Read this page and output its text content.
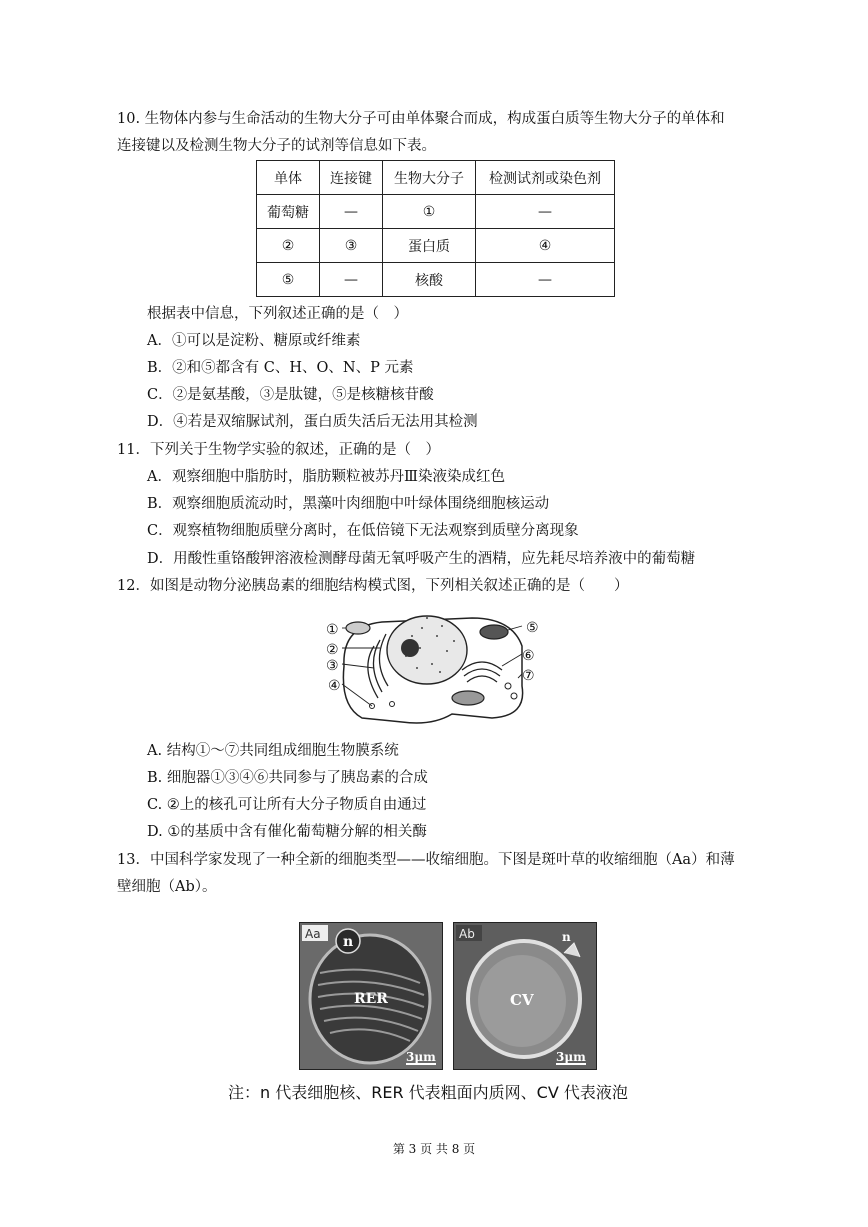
10. 生物体内参与生命活动的生物大分子可由单体聚合而成，构成蛋白质等生物大分子的单体和
连接键以及检测生物大分子的试剂等信息如下表。
单体	连接键	生物大分子	检测试剂或染色剂
葡萄糖	—	①	—
②	③	蛋白质	④
⑤	—	核酸	—
根据表中信息，下列叙述正确的是（　）
A．①可以是淀粉、糖原或纤维素
B．②和⑤都含有 C、H、O、N、P 元素
C．②是氨基酸，③是肽键，⑤是核糖核苷酸
D．④若是双缩脲试剂，蛋白质失活后无法用其检测
11．下列关于生物学实验的叙述，正确的是（　）
A．观察细胞中脂肪时，脂肪颗粒被苏丹Ⅲ染液染成红色
B．观察细胞质流动时，黑藻叶肉细胞中叶绿体围绕细胞核运动
C．观察植物细胞质壁分离时，在低倍镜下无法观察到质壁分离现象
D．用酸性重铬酸钾溶液检测酵母菌无氧呼吸产生的酒精，应先耗尽培养液中的葡萄糖
12．如图是动物分泌胰岛素的细胞结构模式图，下列相关叙述正确的是（　　）
①
②
③
④
⑤
⑥
⑦
A. 结构①～⑦共同组成细胞生物膜系统
B. 细胞器①③④⑥共同参与了胰岛素的合成
C. ②上的核孔可让所有大分子物质自由通过
D. ①的基质中含有催化葡萄糖分解的相关酶
13．中国科学家发现了一种全新的细胞类型——收缩细胞。下图是斑叶草的收缩细胞（Aa）和薄
壁细胞（Ab）。
Aa n
RER
3μm
Ab	n
CV
3μm
注：n 代表细胞核、RER 代表粗面内质网、CV 代表液泡
第 3 页 共 8 页
